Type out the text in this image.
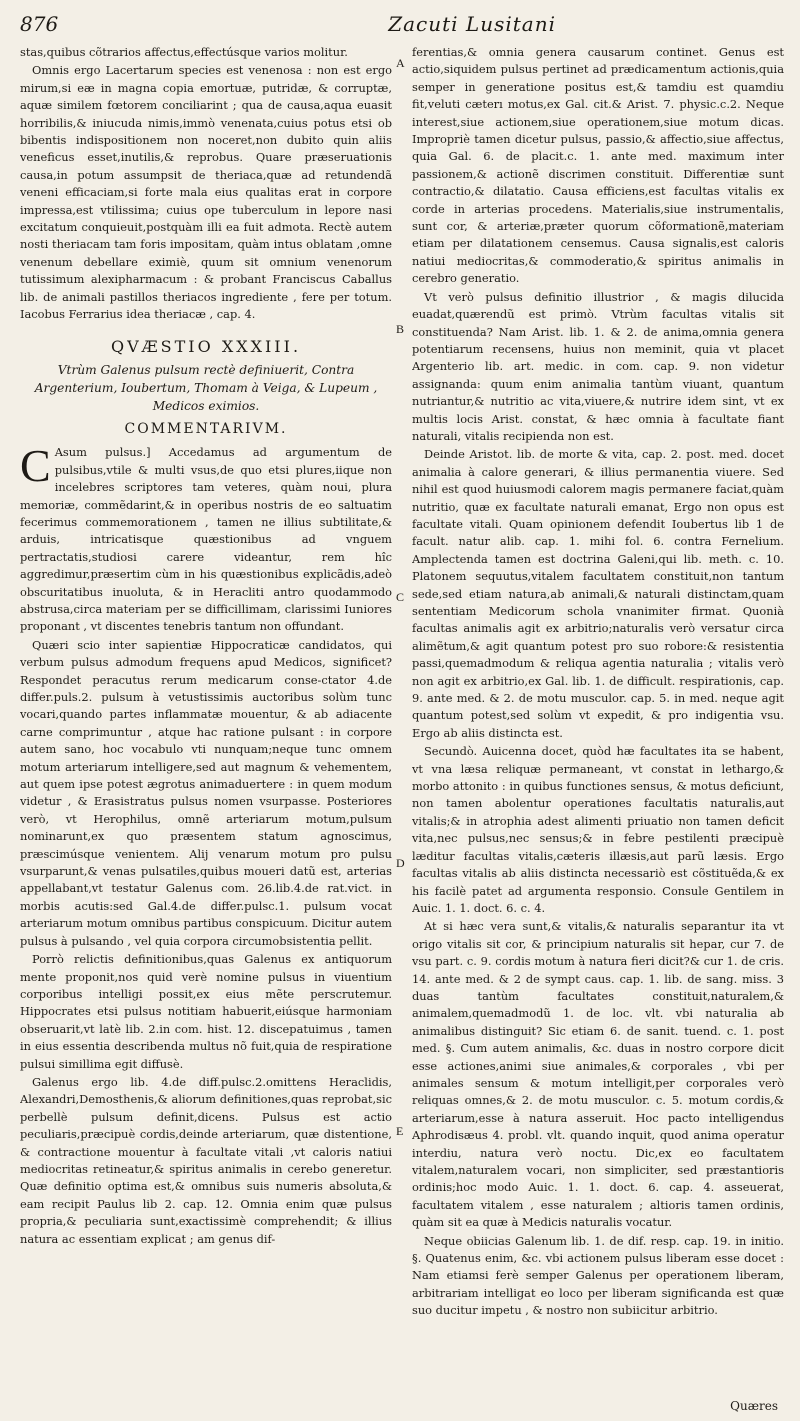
876	Zacuti Lusitani

stas,quibus cõtrarios affectus,effectúsque varios molitur.

Omnis ergo Lacertarum species est venenosa : non est ergo mirum,si eæ in magna copia emortuæ, putridæ, & corruptæ, aquæ similem fœtorem conciliarint ; qua de causa,aqua euasit horribilis,& iniucuda nimis,immò venenata,cuius potus etsi ob bibentis indispositionem non noceret,non dubito quin aliis veneficus esset,inutilis,& reprobus. Quare præseruationis causa,in potum assumpsit de theriaca,quæ ad retundendã veneni efficaciam,si forte mala eius qualitas erat in corpore impressa,est vtilissima; cuius ope tuberculum in lepore nasi excitatum conquieuit,postquàm illi ea fuit admota. Rectè autem nosti theriacam tam foris impositam, quàm intus oblatam ,omne venenum debellare eximiè, quum sit omnium venenorum tutissimum alexipharmacum : & probant Franciscus Caballus lib. de animali pastillos theriacos ingrediente , fere per totum. Iacobus Ferrarius idea theriacæ , cap. 4.

QVÆSTIO XXXIII.
Vtrùm Galenus pulsum rectè definiuerit, Contra Argenterium, Ioubertum, Thomam à Veiga, & Lupeum , Medicos eximios.
COMMENTARIVM.

C Asum pulsus.] Accedamus ad argumentum de pulsibus,vtile & multi vsus,de quo etsi plures,iique non incelebres scriptores tam veteres, quàm noui, plura memoriæ, commẽdarint,& in operibus nostris de eo saltuatim fecerimus commemorationem , tamen ne illius subtilitate,& arduis, intricatisque quæstionibus ad vnguem pertractatis,studiosi carere videantur, rem hîc aggredimur,præsertim cùm in his quæstionibus explicãdis,adeò obscuritatibus inuoluta, & in Heracliti antro quodammodo abstrusa,circa materiam per se difficillimam, clarissimi Iuniores proponant , vt discentes tenebris tantum non offundant.

Quæri scio inter sapientiæ Hippocraticæ candidatos, qui verbum pulsus admodum frequens apud Medicos, significet? Respondet peracutus rerum medicarum conse-ctator 4.de differ.puls.2. pulsum à vetustissimis auctoribus solùm tunc vocari,quando partes inflammatæ mouentur, & ab adiacente carne comprimuntur , atque hac ratione pulsant : in corpore autem sano, hoc vocabulo vti nunquam;neque tunc omnem motum arteriarum intelligere,sed aut magnum & vehementem, aut quem ipse potest ægrotus animaduertere : in quem modum videtur , & Erasistratus pulsus nomen vsurpasse. Posteriores verò, vt Herophilus, omnẽ arteriarum motum,pulsum nominarunt,ex quo præsentem statum agnoscimus, præscimúsque venientem. Alij venarum motum pro pulsu vsurparunt,& venas pulsatiles,quibus moueri datũ est, arterias appellabant,vt testatur Galenus com. 26.lib.4.de rat.vict. in morbis acutis:sed Gal.4.de differ.pulsc.1. pulsum vocat arteriarum motum omnibus partibus conspicuum. Dicitur autem pulsus à pulsando , vel quia corpora circumobsistentia pellit.

Porrò relictis definitionibus,quas Galenus ex antiquorum mente proponit,nos quid verè nomine pulsus in viuentium corporibus intelligi possit,ex eius mẽte perscrutemur. Hippocrates etsi pulsus notitiam habuerit,eiúsque harmoniam obseruarit,vt latè lib. 2.in com. hist. 12. discepatuimus , tamen in eius essentia describenda multus nõ fuit,quia de respiratione pulsui simillima egit diffusè.

Galenus ergo lib. 4.de diff.pulsc.2.omittens Heraclidis, Alexandri,Demosthenis,& aliorum definitiones,quas reprobat,sic perbellè pulsum definit,dicens. Pulsus est actio peculiaris,præcipuè cordis,deinde arteriarum, quæ distentione, & contractione mouentur à facultate vitali ,vt caloris natiui mediocritas retineatur,& spiritus animalis in cerebo generetur. Quæ definitio optima est,& omnibus suis numeris absoluta,& eam recipit Paulus lib 2. cap. 12. Omnia enim quæ pulsus propria,& peculiaria sunt,exactissimè comprehendit; & illius natura ac essentiam explicat ; am genus dif-

A
B
C
D
E

ferentias,& omnia genera causarum continet. Genus est actio,siquidem pulsus pertinet ad prædicamentum actionis,quia semper in generatione positus est,& tamdiu est quamdiu fit,veluti cæterı motus,ex Gal. cit.& Arist. 7. physic.c.2. Neque interest,siue actionem,siue operationem,siue motum dicas. Impropriè tamen dicetur pulsus, passio,& affectio,siue affectus, quia Gal. 6. de placit.c. 1. ante med. maximum inter passionem,& actionẽ discrimen constituit. Differentiæ sunt contractio,& dilatatio. Causa efficiens,est facultas vitalis ex corde in arterias procedens. Materialis,siue instrumentalis, sunt cor, & arteriæ,præter quorum cõformationẽ,materiam etiam per dilatationem censemus. Causa signalis,est caloris natiui mediocritas,& commoderatio,& spiritus animalis in cerebro generatio.

Vt verò pulsus definitio illustrior , & magis dilucida euadat,quærendũ est primò. Vtrùm facultas vitalis sit constituenda? Nam Arist. lib. 1. & 2. de anima,omnia genera potentiarum recensens, huius non meminit, quia vt placet Argenterio lib. art. medic. in com. cap. 9. non videtur assignanda: quum enim animalia tantùm viuant, quantum nutriantur,& nutritio ac vita,viuere,& nutrire idem sint, vt ex multis locis Arist. constat, & hæc omnia à facultate fiant naturali, vitalis recipienda non est.

Deinde Aristot. lib. de morte & vita, cap. 2. post. med. docet animalia à calore generari, & illius permanentia viuere. Sed nihil est quod huiusmodi calorem magis permanere faciat,quàm nutritio, quæ ex facultate naturali emanat, Ergo non opus est facultate vitali. Quam opinionem defendit Ioubertus lib 1 de facult. natur alib. cap. 1. mihi fol. 6. contra Fernelium. Amplectenda tamen est doctrina Galeni,qui lib. meth. c. 10. Platonem sequutus,vitalem facultatem constituit,non tantum sede,sed etiam natura,ab animali,& naturali distinctam,quam sententiam Medicorum schola vnanimiter firmat. Quonià facultas animalis agit ex arbitrio;naturalis verò versatur circa alimẽtum,& agit quantum potest pro suo robore:& resistentia passi,quemadmodum & reliqua agentia naturalia ; vitalis verò non agit ex arbitrio,ex Gal. lib. 1. de difficult. respirationis, cap. 9. ante med. & 2. de motu musculor. cap. 5. in med. neque agit quantum potest,sed solùm vt expedit, & pro indigentia vsu. Ergo ab aliis distincta est.

Secundò. Auicenna docet, quòd hæ facultates ita se habent, vt vna læsa reliquæ permaneant, vt constat in lethargo,& morbo attonito : in quibus functiones sensus, & motus deficiunt, non tamen abolentur operationes facultatis naturalis,aut vitalis;& in atrophia adest alimenti priuatio non tamen deficit vita,nec pulsus,nec sensus;& in febre pestilenti præcipuè læditur facultas vitalis,cæteris illæsis,aut parũ læsis. Ergo facultas vitalis ab aliis distincta necessariò est cõstituẽda,& ex his facilè patet ad argumenta responsio. Consule Gentilem in Auic. 1. 1. doct. 6. c. 4.

At si hæc vera sunt,& vitalis,& naturalis separantur ita vt origo vitalis sit cor, & principium naturalis sit hepar, cur 7. de vsu part. c. 9. cordis motum à natura fieri dicit?& cur 1. de cris. 14. ante med. & 2 de sympt caus. cap. 1. lib. de sang. miss. 3 duas tantùm facultates constituit,naturalem,& animalem,quemadmodũ 1. de loc. vlt. vbi naturalia ab animalibus distinguit? Sic etiam 6. de sanit. tuend. c. 1. post med. §. Cum autem animalis, &c. duas in nostro corpore dicit esse actiones,animi siue animales,& corporales , vbi per animales sensum & motum intelligit,per corporales verò reliquas omnes,& 2. de motu musculor. c. 5. motum cordis,& arteriarum,esse à natura asseruit. Hoc pacto intelligendus Aphrodisæus 4. probl. vlt. quando inquit, quod anima operatur interdiu, natura verò noctu. Dic,ex eo facultatem vitalem,naturalem vocari, non simpliciter, sed præstantioris ordinis;hoc modo Auic. 1. 1. doct. 6. cap. 4. asseuerat, facultatem vitalem , esse naturalem ; altioris tamen ordinis, quàm sit ea quæ à Medicis naturalis vocatur.

Neque obiicias Galenum lib. 1. de dif. resp. cap. 19. in initio. §. Quatenus enim, &c. vbi actionem pulsus liberam esse docet : Nam etiamsi ferè semper Galenus per operationem liberam, arbitrariam intelligat eo loco per liberam significanda est quæ suo ducitur impetu , & nostro non subiicitur arbitrio.

Quæres
